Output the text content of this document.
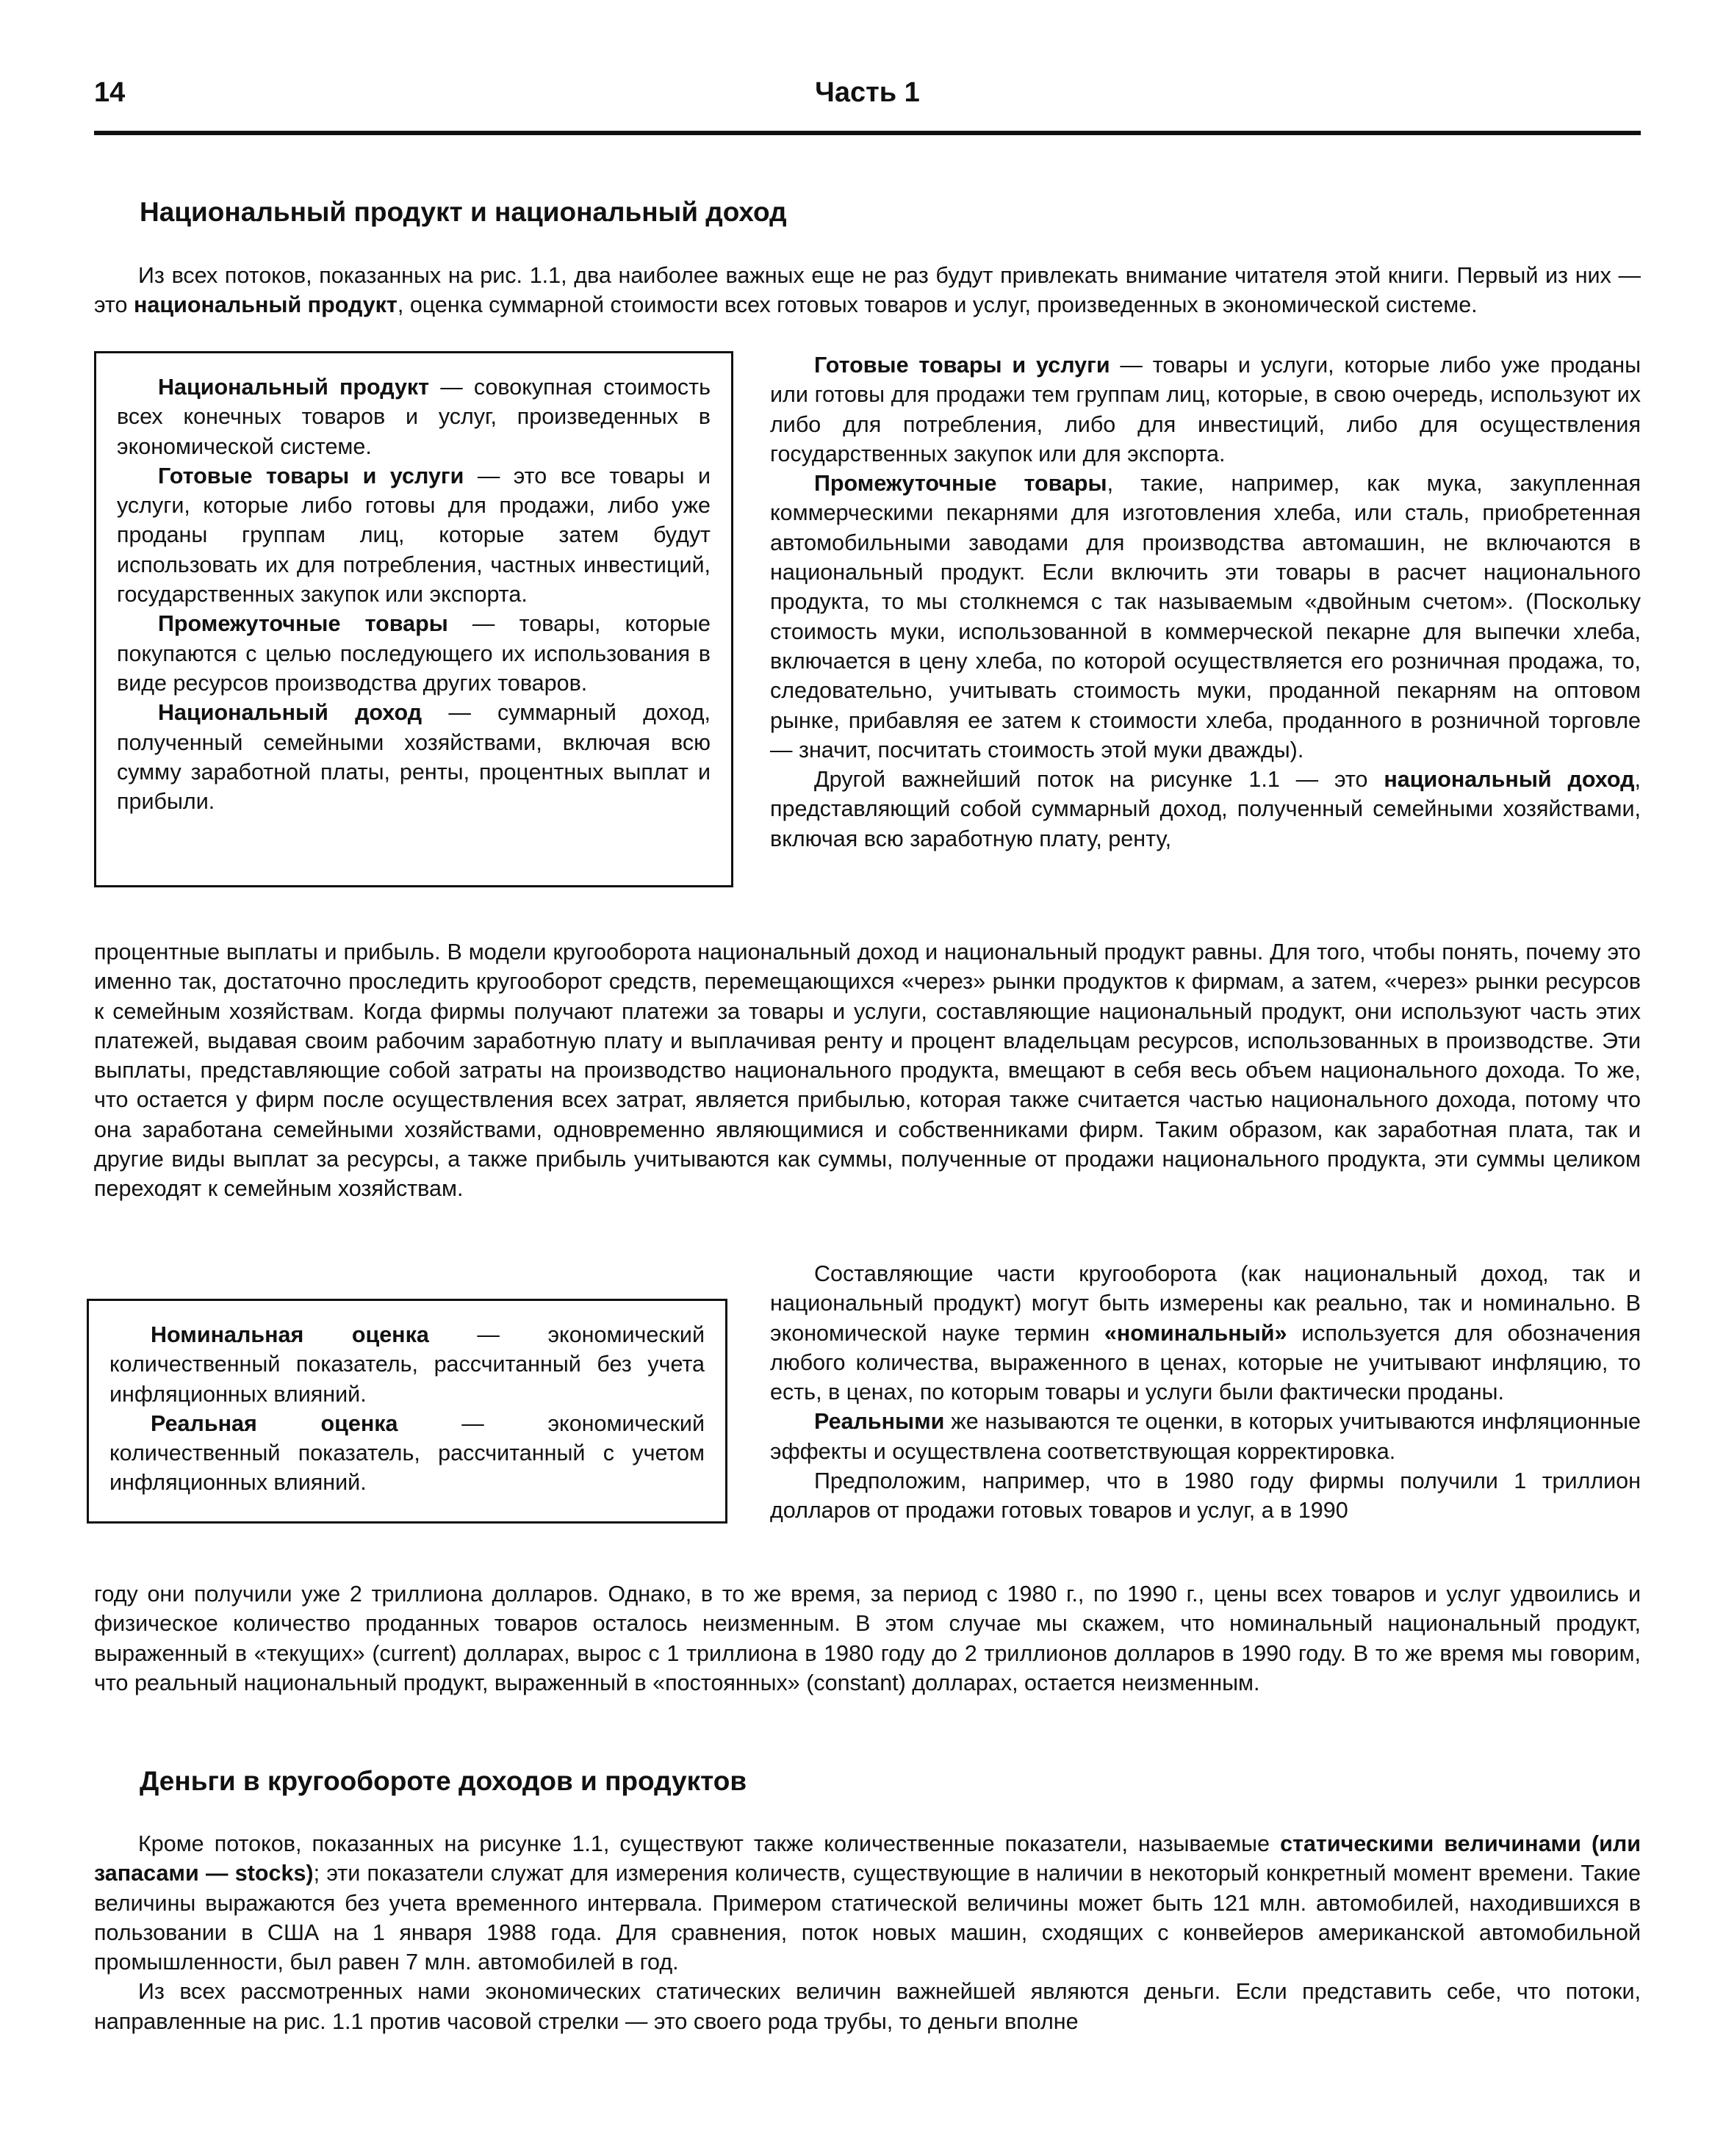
14	Часть 1
Национальный продукт и национальный доход

Из всех потоков, показанных на рис. 1.1, два наиболее важных еще не раз будут привлекать внимание читателя этой книги. Первый из них — это национальный продукт, оценка суммарной стоимости всех готовых товаров и услуг, произведенных в экономической системе.

Национальный продукт — совокупная стоимость всех конечных товаров и услуг, произведенных в экономической системе.

Готовые товары и услуги — это все товары и услуги, которые либо готовы для продажи, либо уже проданы группам лиц, которые затем будут использовать их для потребления, частных инвестиций, государственных закупок или экспорта.

Промежуточные товары — товары, которые покупаются с целью последующего их использования в виде ресурсов производства других товаров.

Национальный доход — суммарный доход, полученный семейными хозяйствами, включая всю сумму заработной платы, ренты, процентных выплат и прибыли.

Готовые товары и услуги — товары и услуги, которые либо уже проданы или готовы для продажи тем группам лиц, которые, в свою очередь, используют их либо для потребления, либо для инвестиций, либо для осуществления государственных закупок или для экспорта.

Промежуточные товары, такие, например, как мука, закупленная коммерческими пекарнями для изготовления хлеба, или сталь, приобретенная автомобильными заводами для производства автомашин, не включаются в национальный продукт. Если включить эти товары в расчет национального продукта, то мы столкнемся с так называемым «двойным счетом». (Поскольку стоимость муки, использованной в коммерческой пекарне для выпечки хлеба, включается в цену хлеба, по которой осуществляется его розничная продажа, то, следовательно, учитывать стоимость муки, проданной пекарням на оптовом рынке, прибавляя ее затем к стоимости хлеба, проданного в розничной торговле — значит, посчитать стоимость этой муки дважды).

Другой важнейший поток на рисунке 1.1 — это национальный доход, представляющий собой суммарный доход, полученный семейными хозяйствами, включая всю заработную плату, ренту,

процентные выплаты и прибыль. В модели кругооборота национальный доход и национальный продукт равны. Для того, чтобы понять, почему это именно так, достаточно проследить кругооборот средств, перемещающихся «через» рынки продуктов к фирмам, а затем, «через» рынки ресурсов к семейным хозяйствам. Когда фирмы получают платежи за товары и услуги, составляющие национальный продукт, они используют часть этих платежей, выдавая своим рабочим заработную плату и выплачивая ренту и процент владельцам ресурсов, использованных в производстве. Эти выплаты, представляющие собой затраты на производство национального продукта, вмещают в себя весь объем национального дохода. То же, что остается у фирм после осуществления всех затрат, является прибылью, которая также считается частью национального дохода, потому что она заработана семейными хозяйствами, одновременно являющимися и собственниками фирм. Таким образом, как заработная плата, так и другие виды выплат за ресурсы, а также прибыль учитываются как суммы, полученные от продажи национального продукта, эти суммы целиком переходят к семейным хозяйствам.

Номинальная оценка — экономический количественный показатель, рассчитанный без учета инфляционных влияний.

Реальная оценка — экономический количественный показатель, рассчитанный с учетом инфляционных влияний.

Составляющие части кругооборота (как национальный доход, так и национальный продукт) могут быть измерены как реально, так и номинально. В экономической науке термин «номинальный» используется для обозначения любого количества, выраженного в ценах, которые не учитывают инфляцию, то есть, в ценах, по которым товары и услуги были фактически проданы.

Реальными же называются те оценки, в которых учитываются инфляционные эффекты и осуществлена соответствующая корректировка.

Предположим, например, что в 1980 году фирмы получили 1 триллион долларов от продажи готовых товаров и услуг, а в 1990

году они получили уже 2 триллиона долларов. Однако, в то же время, за период с 1980 г., по 1990 г., цены всех товаров и услуг удвоились и физическое количество проданных товаров осталось неизменным. В этом случае мы скажем, что номинальный национальный продукт, выраженный в «текущих» (current) долларах, вырос с 1 триллиона в 1980 году до 2 триллионов долларов в 1990 году. В то же время мы говорим, что реальный национальный продукт, выраженный в «постоянных» (constant) долларах, остается неизменным.

Деньги в кругообороте доходов и продуктов

Кроме потоков, показанных на рисунке 1.1, существуют также количественные показатели, называемые статическими величинами (или запасами — stocks); эти показатели служат для измерения количеств, существующие в наличии в некоторый конкретный момент времени. Такие величины выражаются без учета временного интервала. Примером статической величины может быть 121 млн. автомобилей, находившихся в пользовании в США на 1 января 1988 года. Для сравнения, поток новых машин, сходящих с конвейеров американской автомобильной промышленности, был равен 7 млн. автомобилей в год.

Из всех рассмотренных нами экономических статических величин важнейшей являются деньги. Если представить себе, что потоки, направленные на рис. 1.1 против часовой стрелки — это своего рода трубы, то деньги вполне
